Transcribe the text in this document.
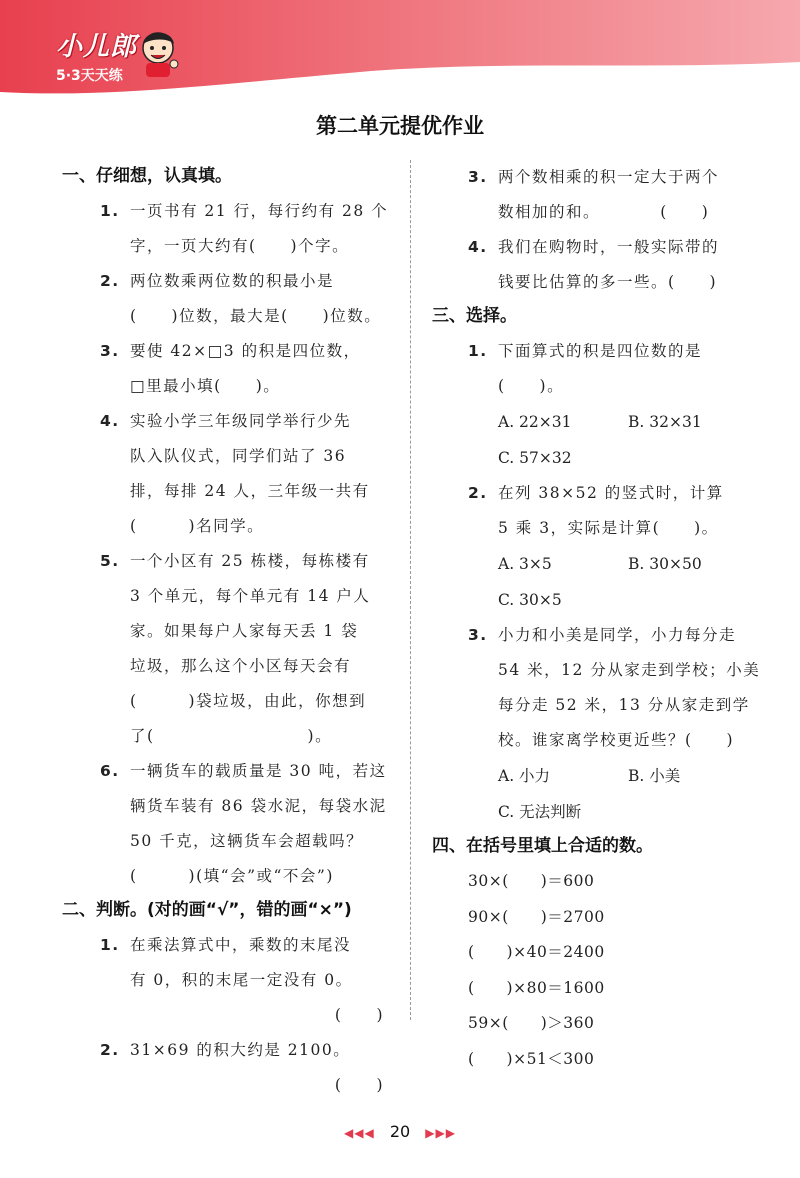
小儿郎
5·3天天练
第二单元提优作业
一、仔细想，认真填。
1. 一页书有 21 行，每行约有 28 个
字，一页大约有(　　)个字。
2. 两位数乘两位数的积最小是
(　　)位数，最大是(　　)位数。
3. 要使 42×□3 的积是四位数，
□里最小填(　　)。
4. 实验小学三年级同学举行少先
队入队仪式，同学们站了 36
排，每排 24 人，三年级一共有
(　　　)名同学。
5. 一个小区有 25 栋楼，每栋楼有
3 个单元，每个单元有 14 户人
家。如果每户人家每天丢 1 袋
垃圾，那么这个小区每天会有
(　　　)袋垃圾，由此，你想到
了(　　　　　　　　　)。
6. 一辆货车的载质量是 30 吨，若这
辆货车装有 86 袋水泥，每袋水泥
50 千克，这辆货车会超载吗？
(　　　)(填“会”或“不会”)
二、判断。(对的画“√”，错的画“×”)
1. 在乘法算式中，乘数的末尾没
有 0，积的末尾一定没有 0。
(　　)
2. 31×69 的积大约是 2100。
(　　)
3. 两个数相乘的积一定大于两个
数相加的和。　　　　(　　)
4. 我们在购物时，一般实际带的
钱要比估算的多一些。(　　)
三、选择。
1. 下面算式的积是四位数的是
(　　)。
A. 22×31	B. 32×31
C. 57×32
2. 在列 38×52 的竖式时，计算
5 乘 3，实际是计算(　　)。
A. 3×5	B. 30×50
C. 30×5
3. 小力和小美是同学，小力每分走
54 米，12 分从家走到学校；小美
每分走 52 米，13 分从家走到学
校。谁家离学校更近些？(　　)
A. 小力	B. 小美
C. 无法判断
四、在括号里填上合适的数。
30×(　　)＝600
90×(　　)＝2700
(　　)×40＝2400
(　　)×80＝1600
59×(　　)＞360
(　　)×51＜300
◀◀◀ 20 ▶▶▶
